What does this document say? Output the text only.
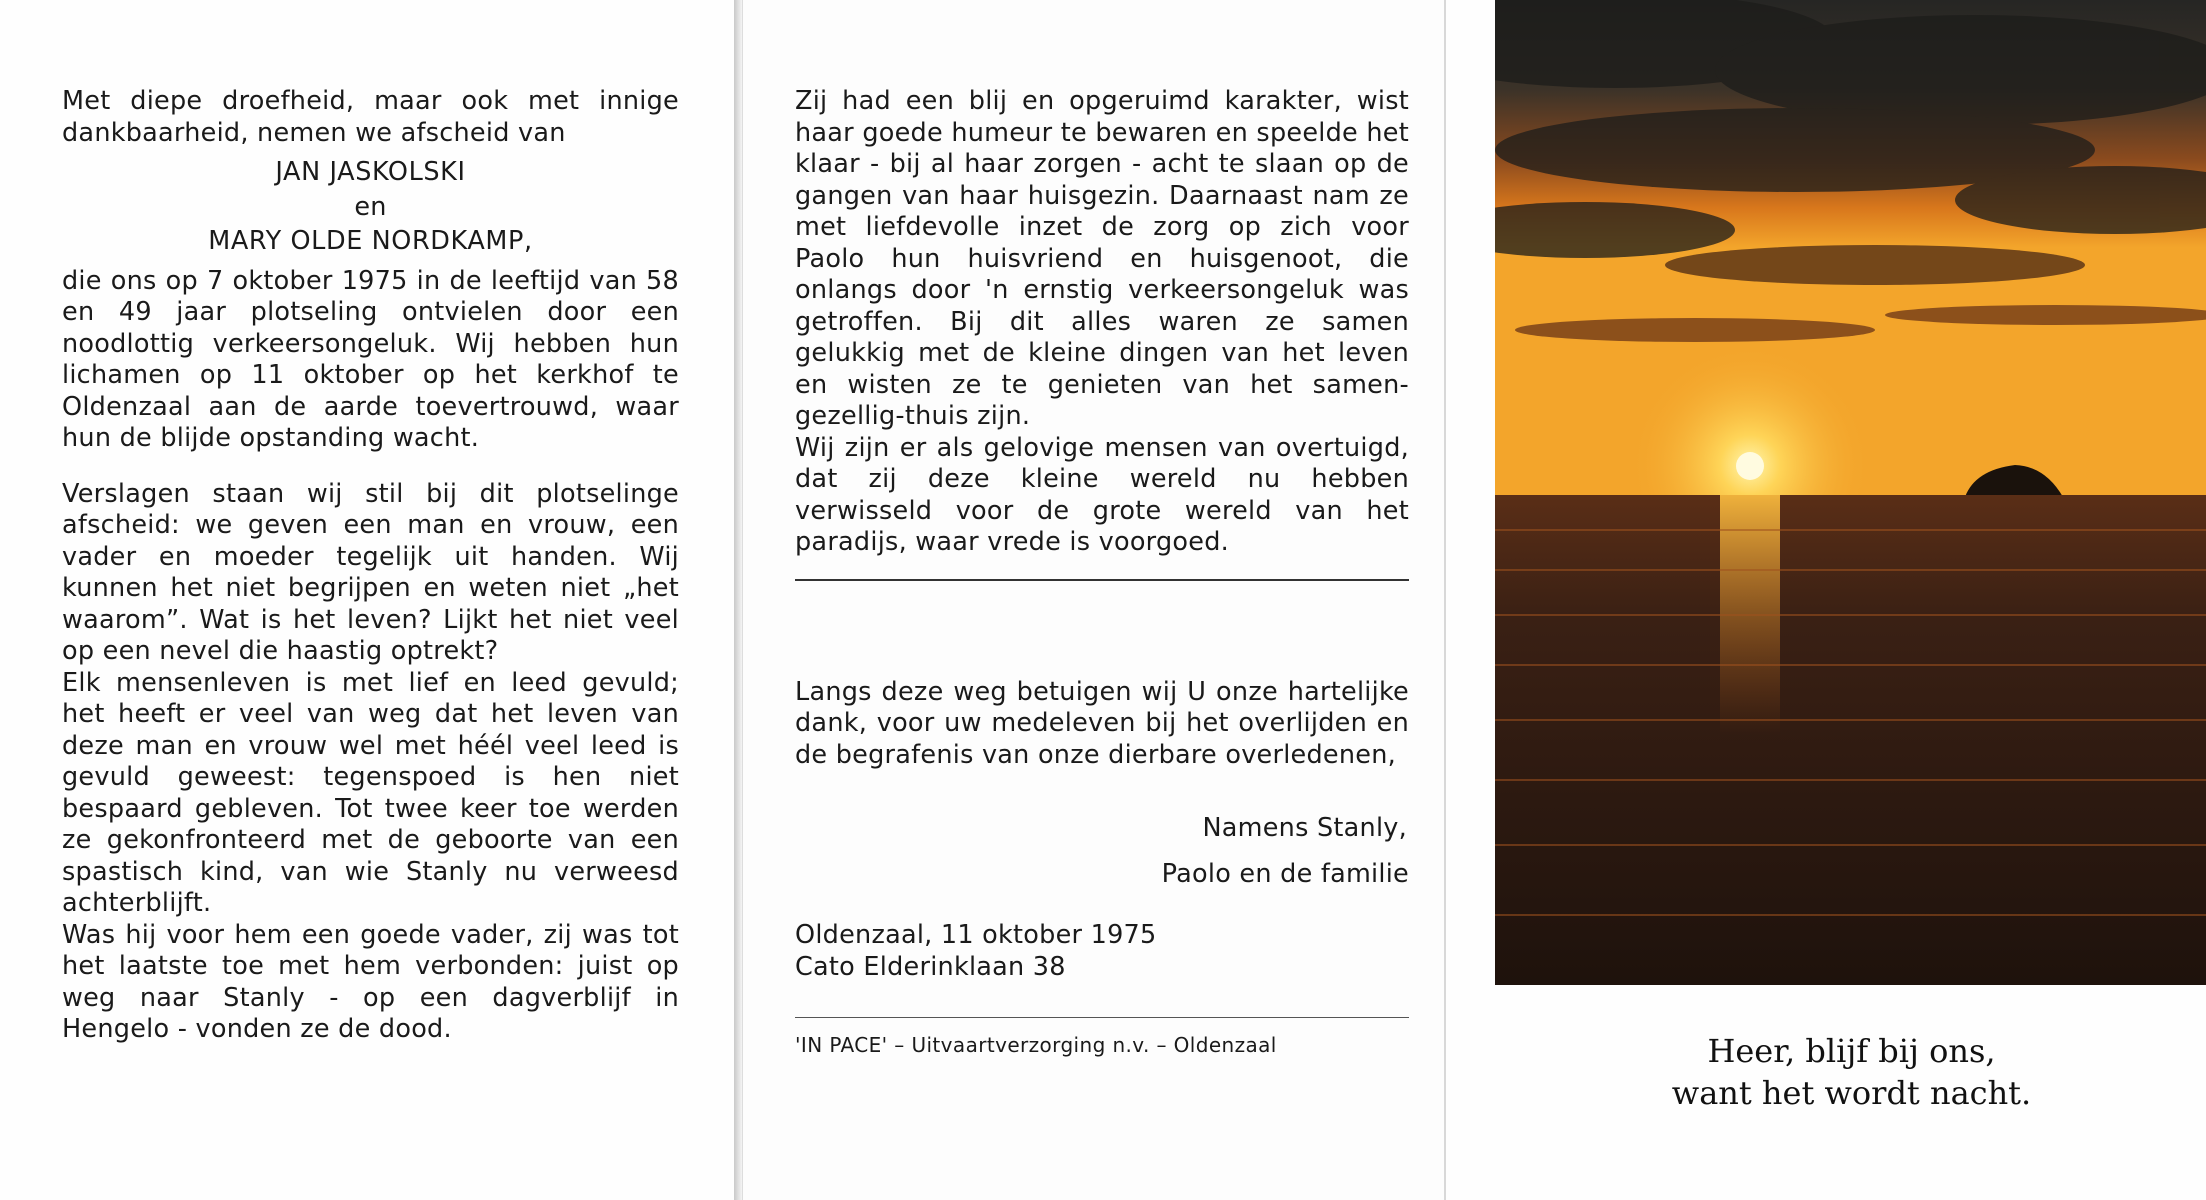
Met diepe droefheid, maar ook met innige dankbaarheid, nemen we afscheid van

JAN JASKOLSKI

en

MARY OLDE NORDKAMP,

die ons op 7 oktober 1975 in de leeftijd van 58 en 49 jaar plotseling ontvielen door een noodlottig verkeersongeluk. Wij hebben hun lichamen op 11 oktober op het kerkhof te Oldenzaal aan de aarde toevertrouwd, waar hun de blijde opstanding wacht.

Verslagen staan wij stil bij dit plotselinge afscheid: we geven een man en vrouw, een vader en moeder tegelijk uit handen. Wij kunnen het niet begrijpen en weten niet „het waarom”. Wat is het leven? Lijkt het niet veel op een nevel die haastig optrekt?

Elk mensenleven is met lief en leed gevuld; het heeft er veel van weg dat het leven van deze man en vrouw wel met héél veel leed is gevuld geweest: tegenspoed is hen niet bespaard gebleven. Tot twee keer toe werden ze gekonfronteerd met de geboorte van een spastisch kind, van wie Stanly nu verweesd achterblijft.

Was hij voor hem een goede vader, zij was tot het laatste toe met hem verbonden: juist op weg naar Stanly - op een dagverblijf in Hengelo - vonden ze de dood.

Zij had een blij en opgeruimd karakter, wist haar goede humeur te bewaren en speelde het klaar - bij al haar zorgen - acht te slaan op de gangen van haar huisgezin. Daarnaast nam ze met liefdevolle inzet de zorg op zich voor Paolo hun huisvriend en huisgenoot, die onlangs door 'n ernstig verkeersongeluk was getroffen. Bij dit alles waren ze samen gelukkig met de kleine dingen van het leven en wisten ze te genieten van het samen-gezellig-thuis zijn.

Wij zijn er als gelovige mensen van overtuigd, dat zij deze kleine wereld nu hebben verwisseld voor de grote wereld van het paradijs, waar vrede is voorgoed.

Langs deze weg betuigen wij U onze hartelijke dank, voor uw medeleven bij het overlijden en de begrafenis van onze dierbare overledenen,

Namens Stanly,

Paolo en de familie

Oldenzaal, 11 oktober 1975

Cato Elderinklaan 38

'IN PACE' – Uitvaartverzorging n.v. – Oldenzaal	Heer, blijf bij ons,
want het wordt nacht.
